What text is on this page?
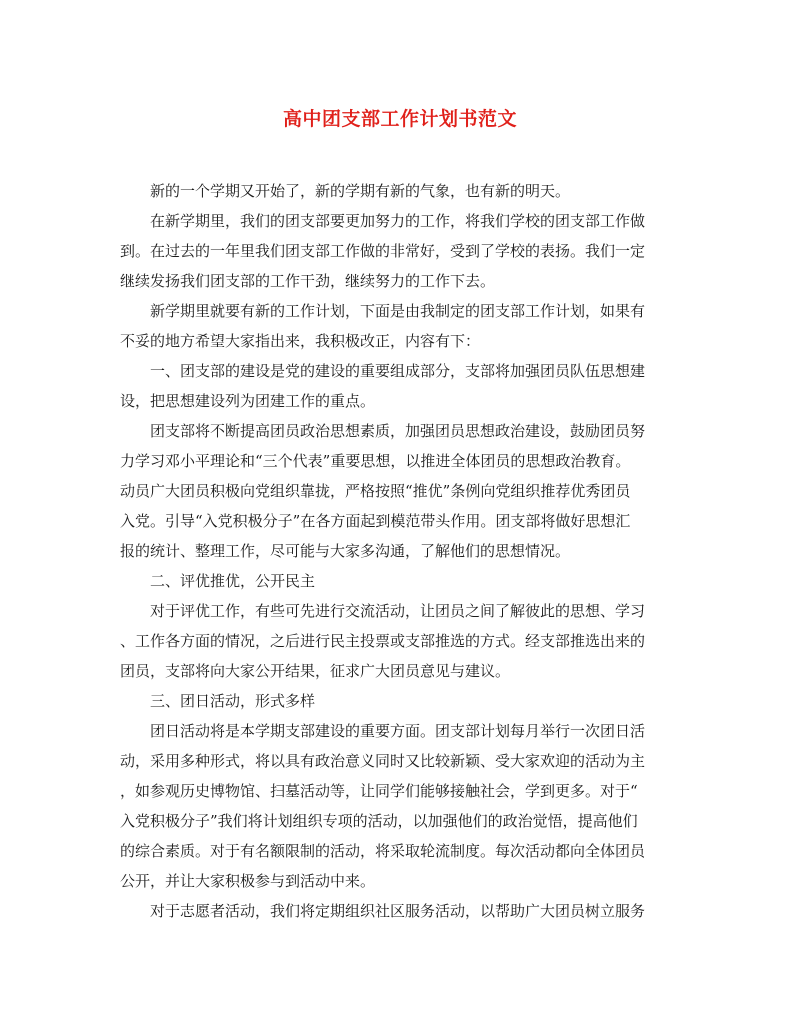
高中团支部工作计划书范文

新的一个学期又开始了，新的学期有新的气象，也有新的明天。

在新学期里，我们的团支部要更加努力的工作，将我们学校的团支部工作做
到。在过去的一年里我们团支部工作做的非常好，受到了学校的表扬。我们一定
继续发扬我们团支部的工作干劲，继续努力的工作下去。

新学期里就要有新的工作计划，下面是由我制定的团支部工作计划，如果有
不妥的地方希望大家指出来，我积极改正，内容有下：

一、团支部的建设是党的建设的重要组成部分，支部将加强团员队伍思想建
设，把思想建设列为团建工作的重点。

团支部将不断提高团员政治思想素质，加强团员思想政治建设，鼓励团员努
力学习邓小平理论和“三个代表”重要思想，以推进全体团员的思想政治教育。
动员广大团员积极向党组织靠拢，严格按照“推优”条例向党组织推荐优秀团员
入党。引导“入党积极分子”在各方面起到模范带头作用。团支部将做好思想汇
报的统计、整理工作，尽可能与大家多沟通，了解他们的思想情况。

二、评优推优，公开民主

对于评优工作，有些可先进行交流活动，让团员之间了解彼此的思想、学习
、工作各方面的情况，之后进行民主投票或支部推选的方式。经支部推选出来的
团员，支部将向大家公开结果，征求广大团员意见与建议。

三、团日活动，形式多样

团日活动将是本学期支部建设的重要方面。团支部计划每月举行一次团日活
动，采用多种形式，将以具有政治意义同时又比较新颖、受大家欢迎的活动为主
，如参观历史博物馆、扫墓活动等，让同学们能够接触社会，学到更多。对于“
入党积极分子”我们将计划组织专项的活动，以加强他们的政治觉悟，提高他们
的综合素质。对于有名额限制的活动，将采取轮流制度。每次活动都向全体团员
公开，并让大家积极参与到活动中来。

对于志愿者活动，我们将定期组织社区服务活动，以帮助广大团员树立服务
